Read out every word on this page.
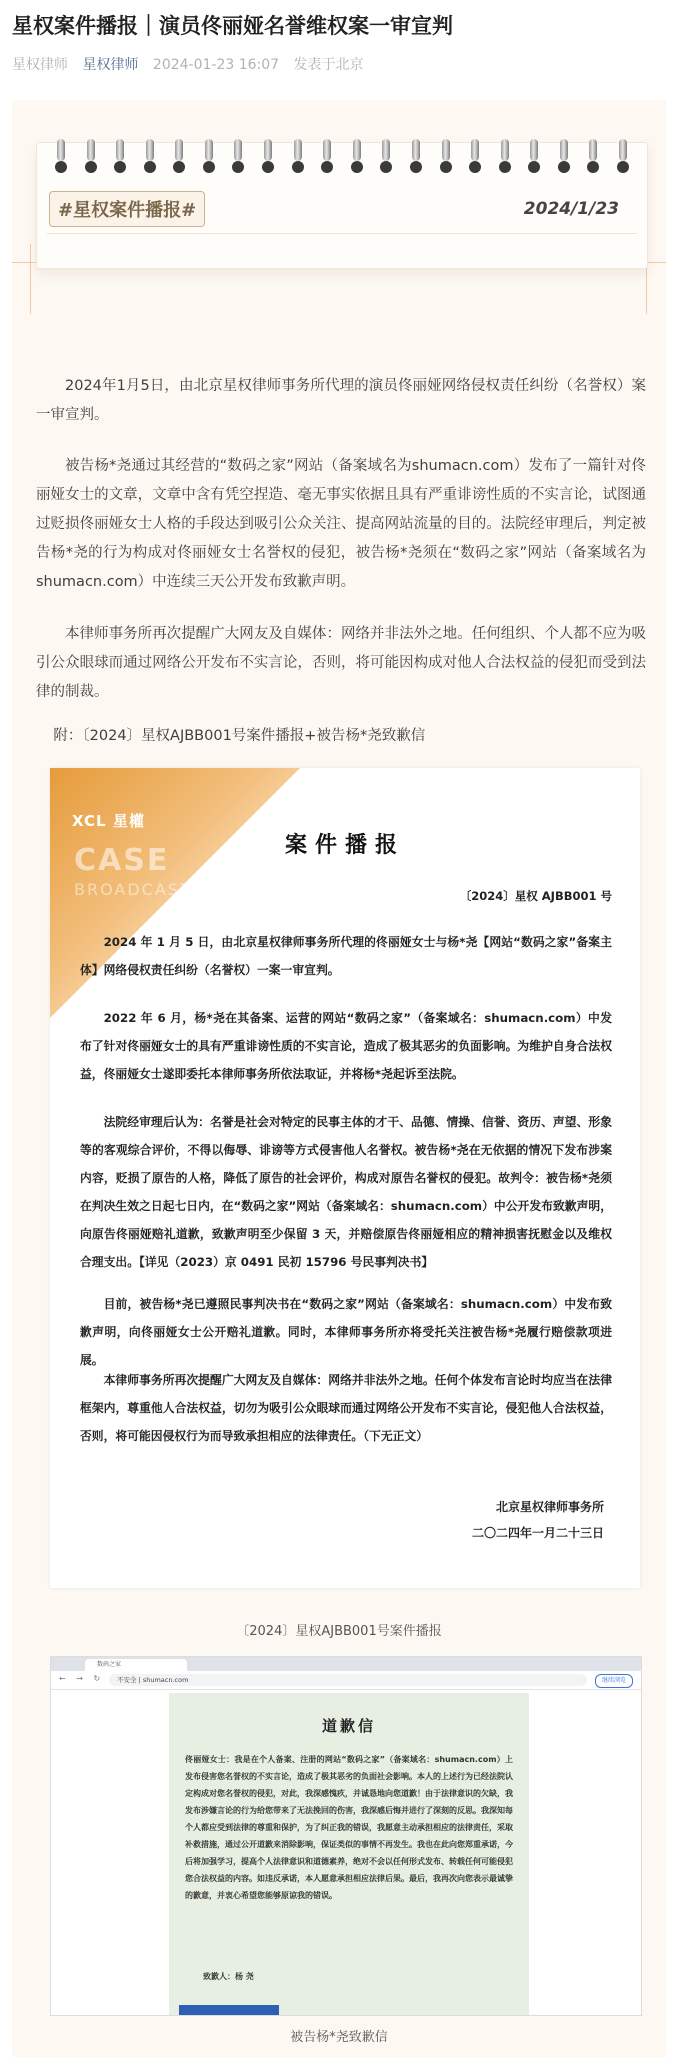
星权案件播报｜演员佟丽娅名誉维权案一审宣判
星权律师 星权律师 2024-01-23 16:07 发表于北京
#星权案件播报#	2024/1/23
2024年1月5日，由北京星权律师事务所代理的演员佟丽娅网络侵权责任纠纷（名誉权）案一审宣判。
被告杨*尧通过其经营的“数码之家”网站（备案域名为shumacn.com）发布了一篇针对佟丽娅女士的文章，文章中含有凭空捏造、毫无事实依据且具有严重诽谤性质的不实言论，试图通过贬损佟丽娅女士人格的手段达到吸引公众关注、提高网站流量的目的。法院经审理后，判定被告杨*尧的行为构成对佟丽娅女士名誉权的侵犯，被告杨*尧须在“数码之家”网站（备案域名为shumacn.com）中连续三天公开发布致歉声明。
本律师事务所再次提醒广大网友及自媒体：网络并非法外之地。任何组织、个人都不应为吸引公众眼球而通过网络公开发布不实言论，否则，将可能因构成对他人合法权益的侵犯而受到法律的制裁。
附：〔2024〕星权AJBB001号案件播报+被告杨*尧致歉信
XCL 星權
CASE
BROADCAST
案件播报
〔2024〕星权 AJBB001 号
2024 年 1 月 5 日，由北京星权律师事务所代理的佟丽娅女士与杨*尧【网站“数码之家”备案主体】网络侵权责任纠纷（名誉权）一案一审宣判。
2022 年 6 月，杨*尧在其备案、运营的网站“数码之家”（备案域名：shumacn.com）中发布了针对佟丽娅女士的具有严重诽谤性质的不实言论，造成了极其恶劣的负面影响。为维护自身合法权益，佟丽娅女士遂即委托本律师事务所依法取证，并将杨*尧起诉至法院。
法院经审理后认为：名誉是社会对特定的民事主体的才干、品德、情操、信誉、资历、声望、形象等的客观综合评价，不得以侮辱、诽谤等方式侵害他人名誉权。被告杨*尧在无依据的情况下发布涉案内容，贬损了原告的人格，降低了原告的社会评价，构成对原告名誉权的侵犯。故判令：被告杨*尧须在判决生效之日起七日内，在“数码之家”网站（备案域名：shumacn.com）中公开发布致歉声明，向原告佟丽娅赔礼道歉，致歉声明至少保留 3 天，并赔偿原告佟丽娅相应的精神损害抚慰金以及维权合理支出。【详见（2023）京 0491 民初 15796 号民事判决书】
目前，被告杨*尧已遵照民事判决书在“数码之家”网站（备案域名：shumacn.com）中发布致歉声明，向佟丽娅女士公开赔礼道歉。同时，本律师事务所亦将受托关注被告杨*尧履行赔偿款项进展。
本律师事务所再次提醒广大网友及自媒体：网络并非法外之地。任何个体发布言论时均应当在法律框架内，尊重他人合法权益，切勿为吸引公众眼球而通过网络公开发布不实言论，侵犯他人合法权益，否则，将可能因侵权行为而导致承担相应的法律责任。（下无正文）
北京星权律师事务所
二〇二四年一月二十三日
〔2024〕星权AJBB001号案件播报
数码之家
← → ↻	不安全 | shumacn.com	继续浏览
道歉信
佟丽娅女士：我是在个人备案、注册的网站“数码之家”（备案域名：shumacn.com）上发布侵害您名誉权的不实言论，造成了极其恶劣的负面社会影响。本人的上述行为已经法院认定构成对您名誉权的侵犯，对此，我深感愧疚，并诚恳地向您道歉！由于法律意识的欠缺，我发布涉嫌言论的行为给您带来了无法挽回的伤害，我深感后悔并进行了深刻的反思。我深知每个人都应受到法律的尊重和保护，为了纠正我的错误，我愿意主动承担相应的法律责任，采取补救措施，通过公开道歉来消除影响，保证类似的事情不再发生。我也在此向您郑重承诺，今后将加强学习，提高个人法律意识和道德素养，绝对不会以任何形式发布、转载任何可能侵犯您合法权益的内容。如违反承诺，本人愿意承担相应法律后果。最后，我再次向您表示最诚挚的歉意，并衷心希望您能够原谅我的错误。
致歉人：杨 尧
被告杨*尧致歉信
